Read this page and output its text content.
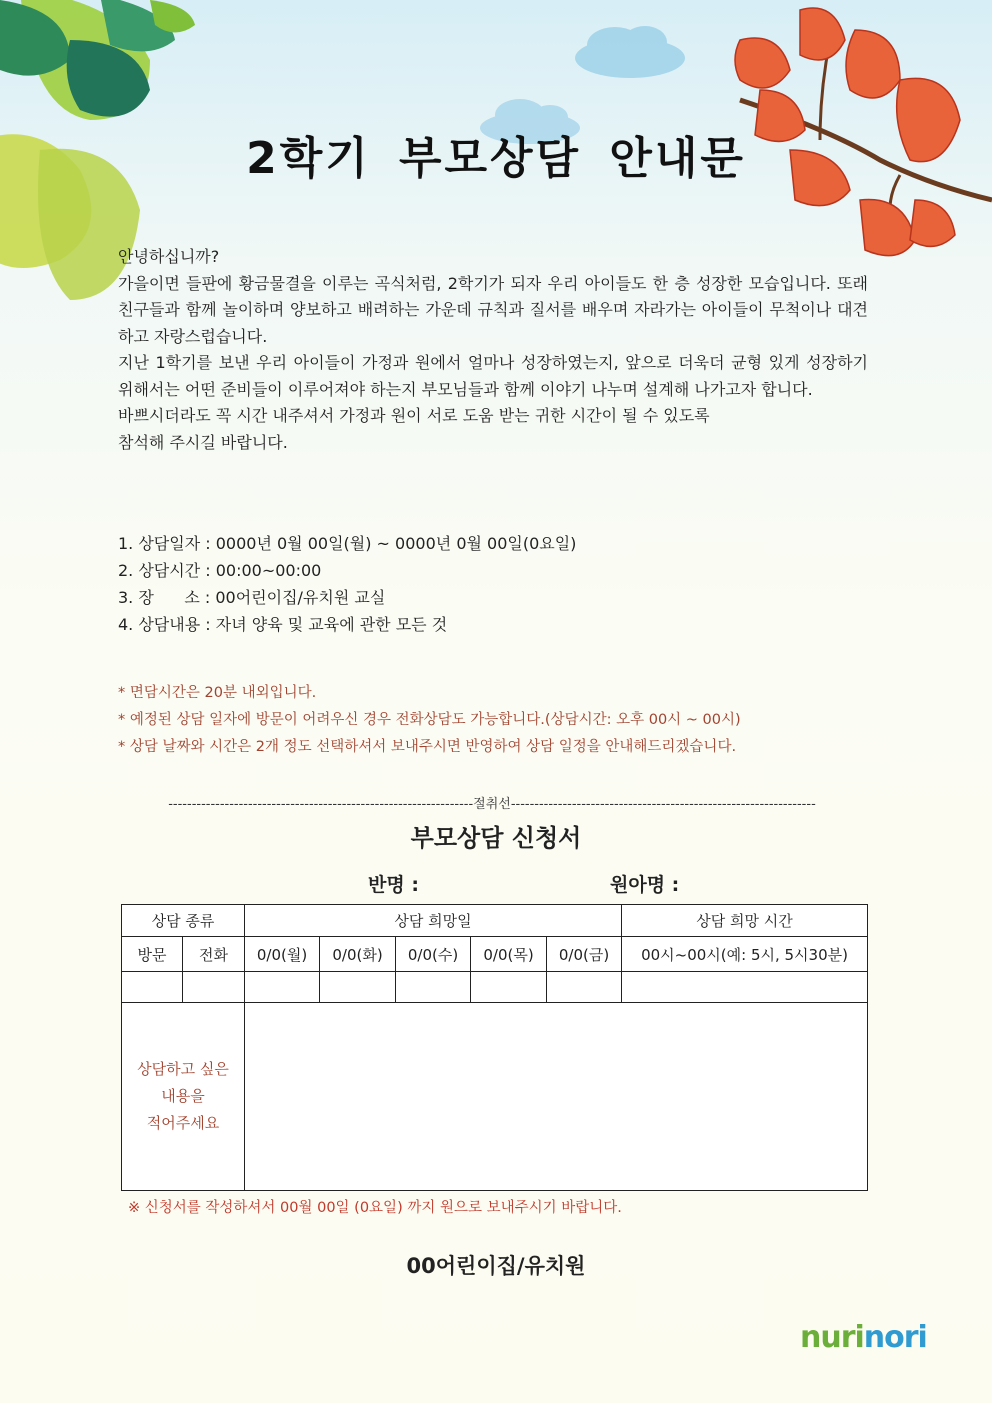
2학기 부모상담 안내문

안녕하십니까?

가을이면 들판에 황금물결을 이루는 곡식처럼, 2학기가 되자 우리 아이들도 한 층 성장한 모습입니다. 또래 친구들과 함께 놀이하며 양보하고 배려하는 가운데 규칙과 질서를 배우며 자라가는 아이들이 무척이나 대견하고 자랑스럽습니다.

지난 1학기를 보낸 우리 아이들이 가정과 원에서 얼마나 성장하였는지, 앞으로 더욱더 균형 있게 성장하기 위해서는 어떤 준비들이 이루어져야 하는지 부모님들과 함께 이야기 나누며 설계해 나가고자 합니다.

바쁘시더라도 꼭 시간 내주셔서 가정과 원이 서로 도움 받는 귀한 시간이 될 수 있도록

참석해 주시길 바랍니다.

1. 상담일자 : 0000년 0월 00일(월) ~ 0000년 0월 00일(0요일)
2. 상담시간 : 00:00~00:00
3. 장      소 : 00어린이집/유치원 교실
4. 상담내용 : 자녀 양육 및 교육에 관한 모든 것
* 면담시간은 20분 내외입니다.
* 예정된 상담 일자에 방문이 어려우신 경우 전화상담도 가능합니다.(상담시간: 오후 00시 ~ 00시)
* 상담 날짜와 시간은 2개 정도 선택하셔서 보내주시면 반영하여 상담 일정을 안내해드리겠습니다.
-----------------------------------------------------------------절취선-----------------------------------------------------------------
부모상담 신청서
반명 :	원아명 :
상담 종류		상담 희망일					상담 희망 시간
방문	전화	0/0(월)	0/0(화)	0/0(수)	0/0(목)	0/0(금)	00시~00시(예: 5시, 5시30분)

상담하고 싶은
내용을
적어주세요							

※ 신청서를 작성하셔서 00월 00일 (0요일) 까지 원으로 보내주시기 바랍니다.
00어린이집/유치원
nurinori
